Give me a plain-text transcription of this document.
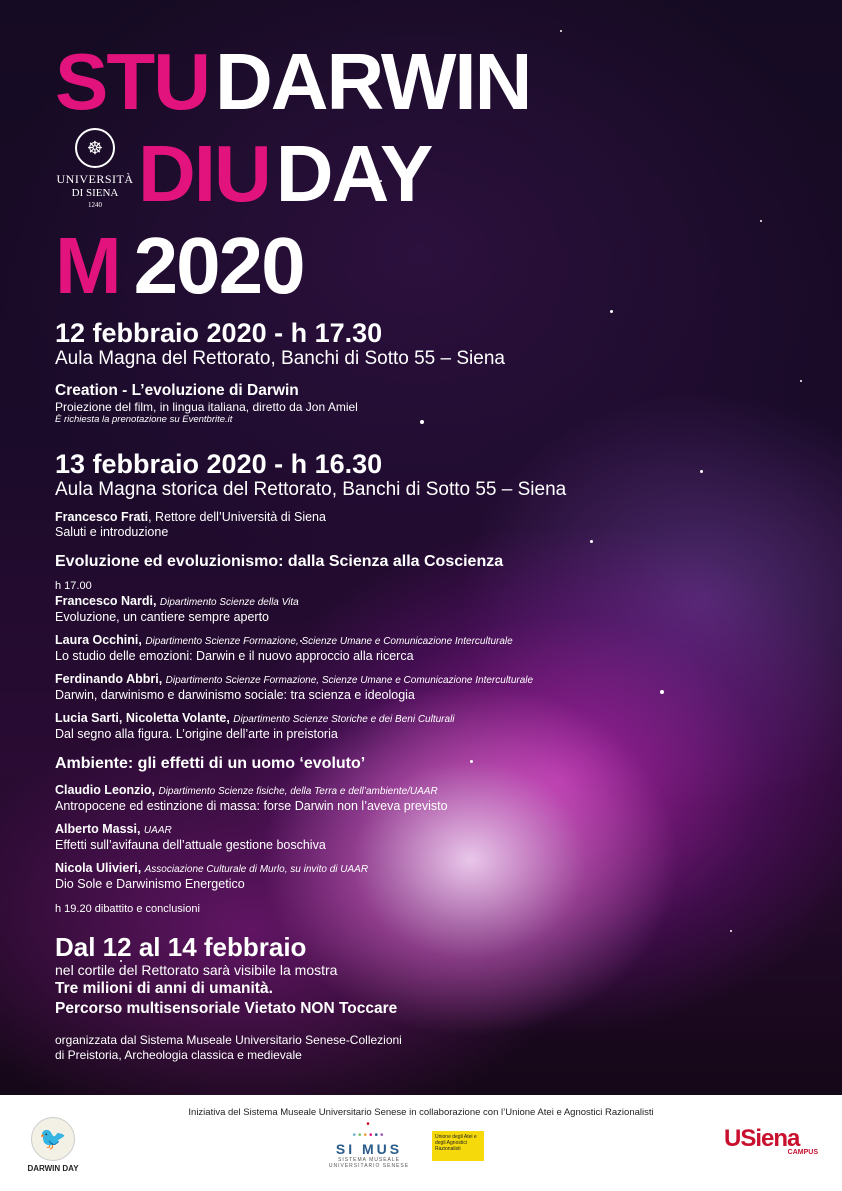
STU DARWIN
DIU DAY
M 2020
☸
UNIVERSITÀ
DI SIENA
1240
12 febbraio 2020 - h 17.30
Aula Magna del Rettorato, Banchi di Sotto 55 – Siena
Creation - L’evoluzione di Darwin
Proiezione del film, in lingua italiana, diretto da Jon Amiel
È richiesta la prenotazione su Eventbrite.it
13 febbraio 2020 - h 16.30
Aula Magna storica del Rettorato, Banchi di Sotto 55 – Siena
Francesco Frati, Rettore dell’Università di Siena
Saluti e introduzione
Evoluzione ed evoluzionismo: dalla Scienza alla Coscienza
h 17.00
Francesco Nardi, Dipartimento Scienze della Vita
Evoluzione, un cantiere sempre aperto
Laura Occhini, Dipartimento Scienze Formazione, Scienze Umane e Comunicazione Interculturale
Lo studio delle emozioni: Darwin e il nuovo approccio alla ricerca
Ferdinando Abbri, Dipartimento Scienze Formazione, Scienze Umane e Comunicazione Interculturale
Darwin, darwinismo e darwinismo sociale: tra scienza e ideologia
Lucia Sarti, Nicoletta Volante, Dipartimento Scienze Storiche e dei Beni Culturali
Dal segno alla figura. L’origine dell’arte in preistoria
Ambiente: gli effetti di un uomo ‘evoluto’
Claudio Leonzio, Dipartimento Scienze fisiche, della Terra e dell’ambiente/UAAR
Antropocene ed estinzione di massa: forse Darwin non l’aveva previsto
Alberto Massi, UAAR
Effetti sull’avifauna dell’attuale gestione boschiva
Nicola Ulivieri, Associazione Culturale di Murlo, su invito di UAAR
Dio Sole e Darwinismo Energetico
h 19.20 dibattito e conclusioni
Dal 12 al 14 febbraio
nel cortile del Rettorato sarà visibile la mostra
Tre milioni di anni di umanità.
Percorso multisensoriale Vietato NON Toccare
organizzata dal Sistema Museale Universitario Senese-Collezioni
di Preistoria, Archeologia classica e medievale
Iniziativa del Sistema Museale Universitario Senese in collaborazione con l’Unione Atei e Agnostici Razionalisti
🐦
DARWIN DAY
•
••••••
SI MUS
SISTEMA MUSEALE UNIVERSITARIO SENESE
Unione degli Atei e degli Agnostici Razionalisti	USiena
CAMPUS
